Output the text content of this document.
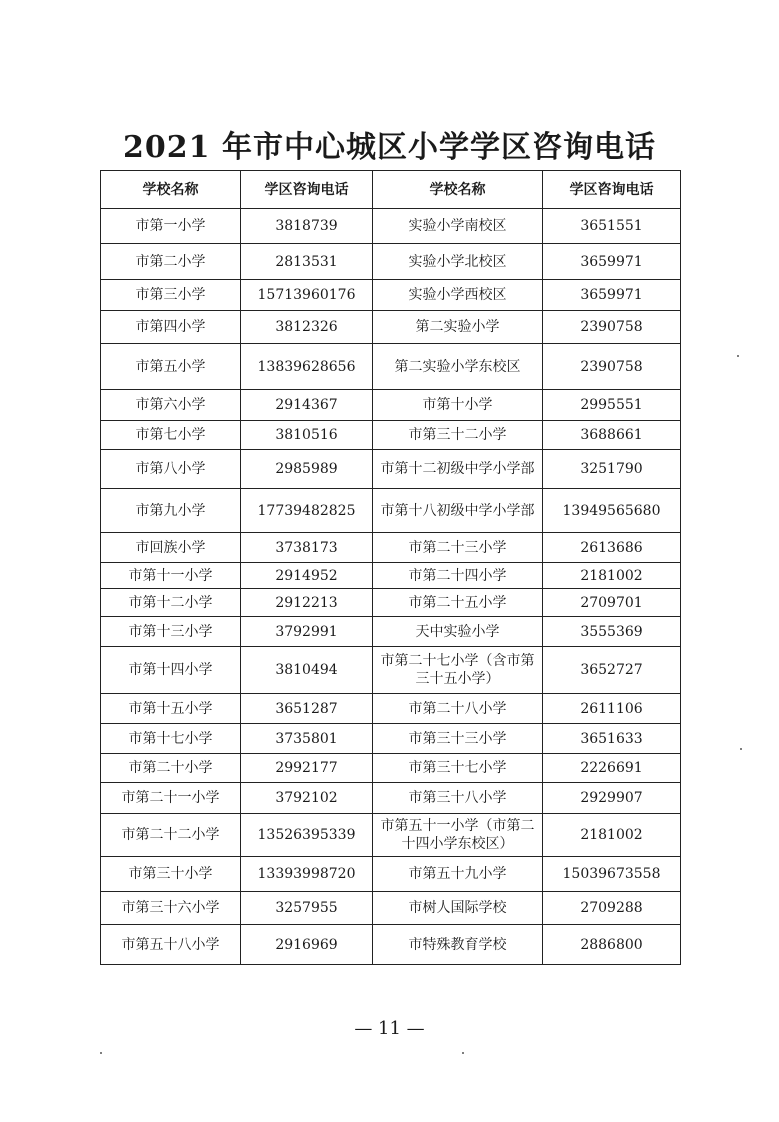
2021 年市中心城区小学学区咨询电话
学校名称	学区咨询电话	学校名称	学区咨询电话
市第一小学	3818739	实验小学南校区	3651551
市第二小学	2813531	实验小学北校区	3659971
市第三小学	15713960176	实验小学西校区	3659971
市第四小学	3812326	第二实验小学	2390758
市第五小学	13839628656	第二实验小学东校区	2390758
市第六小学	2914367	市第十小学	2995551
市第七小学	3810516	市第三十二小学	3688661
市第八小学	2985989	市第十二初级中学小学部	3251790
市第九小学	17739482825	市第十八初级中学小学部	13949565680
市回族小学	3738173	市第二十三小学	2613686
市第十一小学	2914952	市第二十四小学	2181002
市第十二小学	2912213	市第二十五小学	2709701
市第十三小学	3792991	天中实验小学	3555369
市第十四小学	3810494	市第二十七小学（含市第三十五小学）	3652727
市第十五小学	3651287	市第二十八小学	2611106
市第十七小学	3735801	市第三十三小学	3651633
市第二十小学	2992177	市第三十七小学	2226691
市第二十一小学	3792102	市第三十八小学	2929907
市第二十二小学	13526395339	市第五十一小学（市第二十四小学东校区）	2181002
市第三十小学	13393998720	市第五十九小学	15039673558
市第三十六小学	3257955	市树人国际学校	2709288
市第五十八小学	2916969	市特殊教育学校	2886800
— 11 —
